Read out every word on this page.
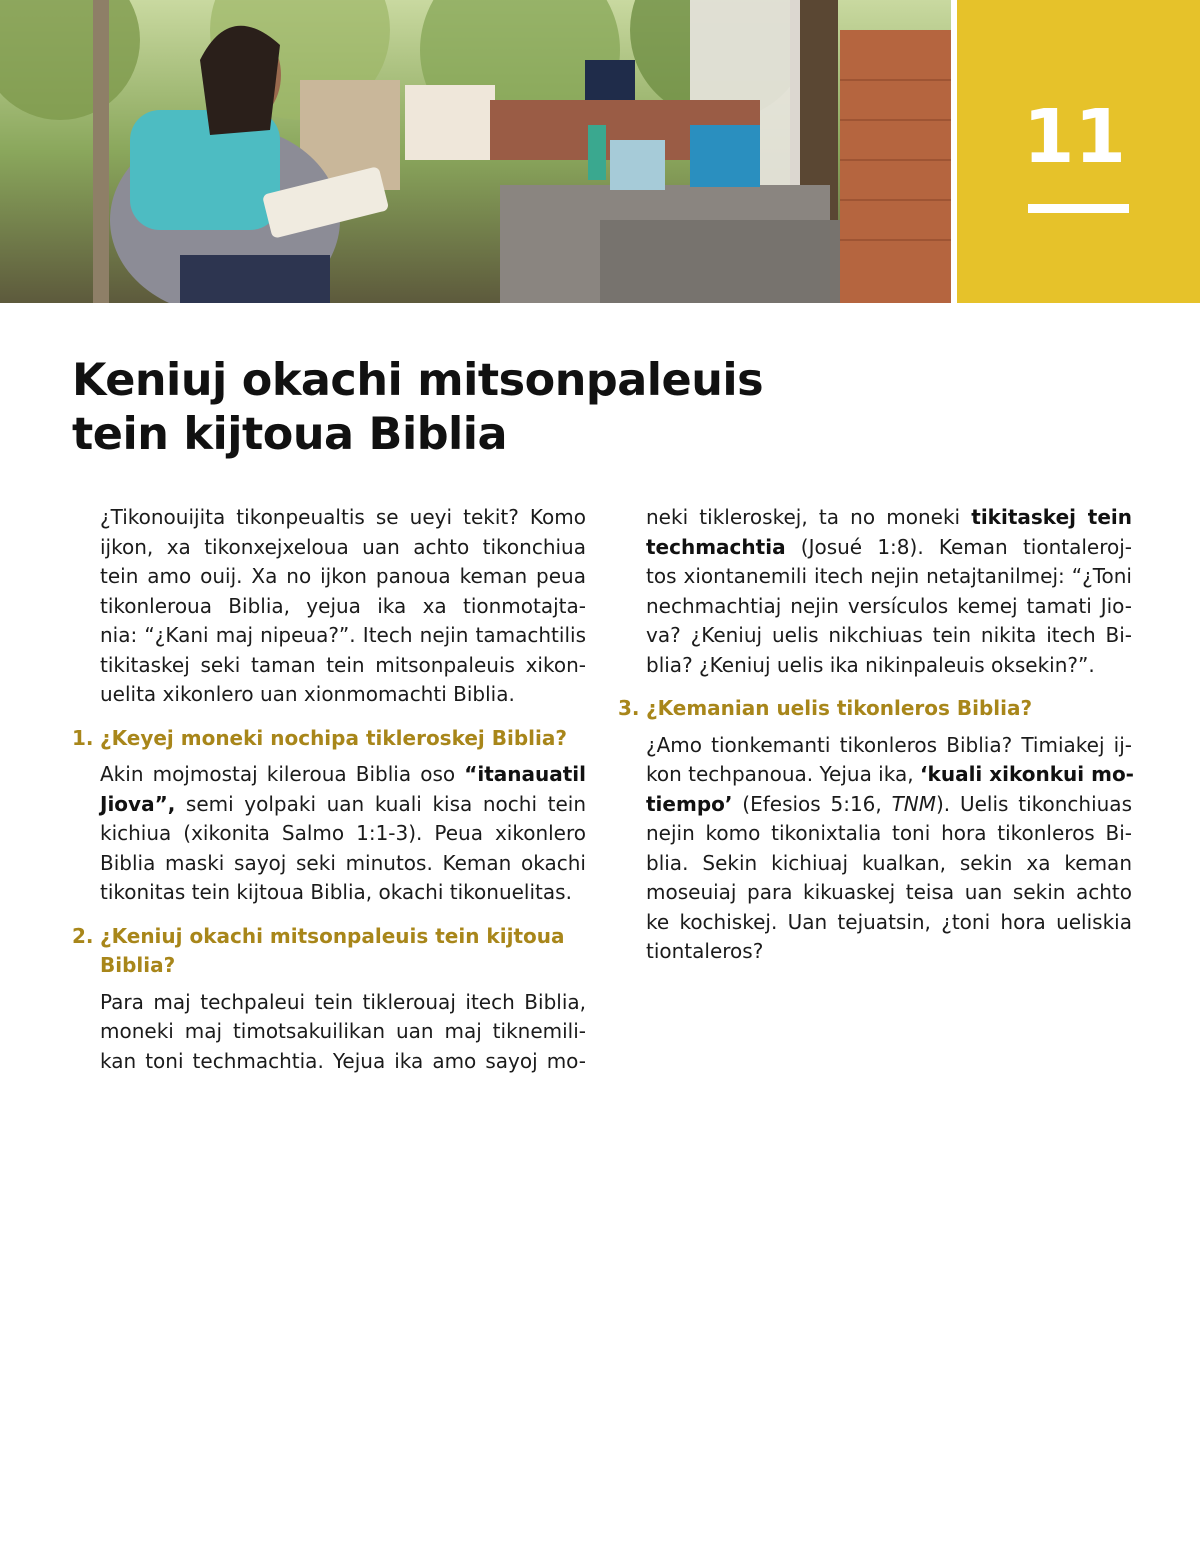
11
Keniuj okachi mitsonpaleuis
tein kijtoua Biblia

¿Tikonouijita tikonpeualtis se ueyi tekit? Komo
ijkon, xa tikonxejxeloua uan achto tikonchiua
tein amo ouij. Xa no ijkon panoua keman peua
tikonleroua Biblia, yejua ika xa tionmotajta-
nia: “¿Kani maj nipeua?”. Itech nejin tamachtilis
tikitaskej seki taman tein mitsonpaleuis xikon-
uelita xikonlero uan xionmomachti Biblia.

1. ¿Keyej moneki nochipa tikleroskej Biblia?

Akin mojmostaj kileroua Biblia oso “itanauatil
Jiova”, semi yolpaki uan kuali kisa nochi tein
kichiua (xikonita Salmo 1:1-3). Peua xikonlero
Biblia maski sayoj seki minutos. Keman okachi
tikonitas tein kijtoua Biblia, okachi tikonuelitas.

2. ¿Keniuj okachi mitsonpaleuis tein kijtoua
Biblia?

Para maj techpaleui tein tiklerouaj itech Biblia,
moneki maj timotsakuilikan uan maj tiknemili-
kan toni techmachtia. Yejua ika amo sayoj mo-

neki tikleroskej, ta no moneki tikitaskej tein
techmachtia (Josué 1:8). Keman tiontaleroj-
tos xiontanemili itech nejin netajtanilmej: “¿Toni
nechmachtiaj nejin versículos kemej tamati Jio-
va? ¿Keniuj uelis nikchiuas tein nikita itech Bi-
blia? ¿Keniuj uelis ika nikinpaleuis oksekin?”.

3. ¿Kemanian uelis tikonleros Biblia?

¿Amo tionkemanti tikonleros Biblia? Timiakej ij-
kon techpanoua. Yejua ika, ‘kuali xikonkui mo-
tiempo’ (Efesios 5:16, TNM). Uelis tikonchiuas
nejin komo tikonixtalia toni hora tikonleros Bi-
blia. Sekin kichiuaj kualkan, sekin xa keman
moseuiaj para kikuaskej teisa uan sekin achto
ke kochiskej. Uan tejuatsin, ¿toni hora ueliskia
tiontaleros?
